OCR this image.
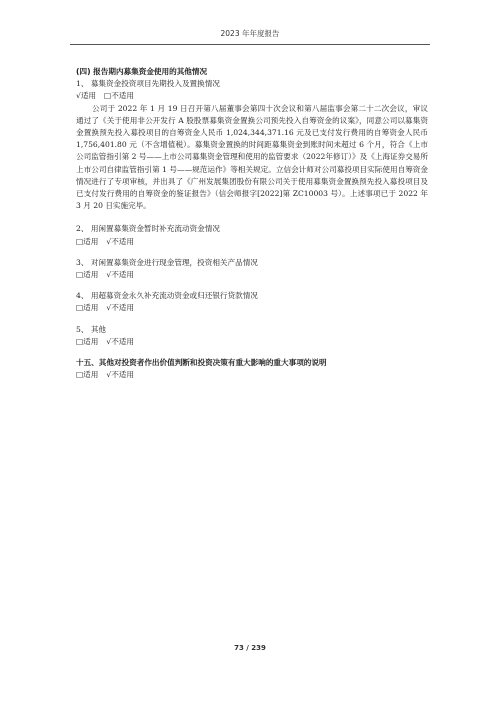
2023 年年度报告
(四) 报告期内募集资金使用的其他情况
1、 募集资金投资项目先期投入及置换情况
√适用 □不适用
公司于 2022 年 1 月 19 日召开第八届董事会第四十次会议和第八届监事会第二十二次会议，审议通过了《关于使用非公开发行 A 股股票募集资金置换公司预先投入自筹资金的议案》，同意公司以募集资金置换预先投入募投项目的自筹资金人民币 1,024,344,371.16 元及已支付发行费用的自筹资金人民币 1,756,401.80 元（不含增值税）。募集资金置换的时间距募集资金到账时间未超过 6 个月，符合《上市公司监管指引第 2 号——上市公司募集资金管理和使用的监管要求（2022年修订）》及《上海证券交易所上市公司自律监管指引第 1 号——规范运作》等相关规定。立信会计师对公司募投项目实际使用自筹资金情况进行了专项审核，并出具了《广州发展集团股份有限公司关于使用募集资金置换预先投入募投项目及已支付发行费用的自筹资金的鉴证报告》（信会师报字[2022]第 ZC10003 号）。上述事项已于 2022 年 3 月 20 日实施完毕。
2、 用闲置募集资金暂时补充流动资金情况
□适用 √不适用
3、 对闲置募集资金进行现金管理，投资相关产品情况
□适用 √不适用
4、 用超募资金永久补充流动资金或归还银行贷款情况
□适用 √不适用
5、 其他
□适用 √不适用
十五、其他对投资者作出价值判断和投资决策有重大影响的重大事项的说明
□适用 √不适用
73 / 239
